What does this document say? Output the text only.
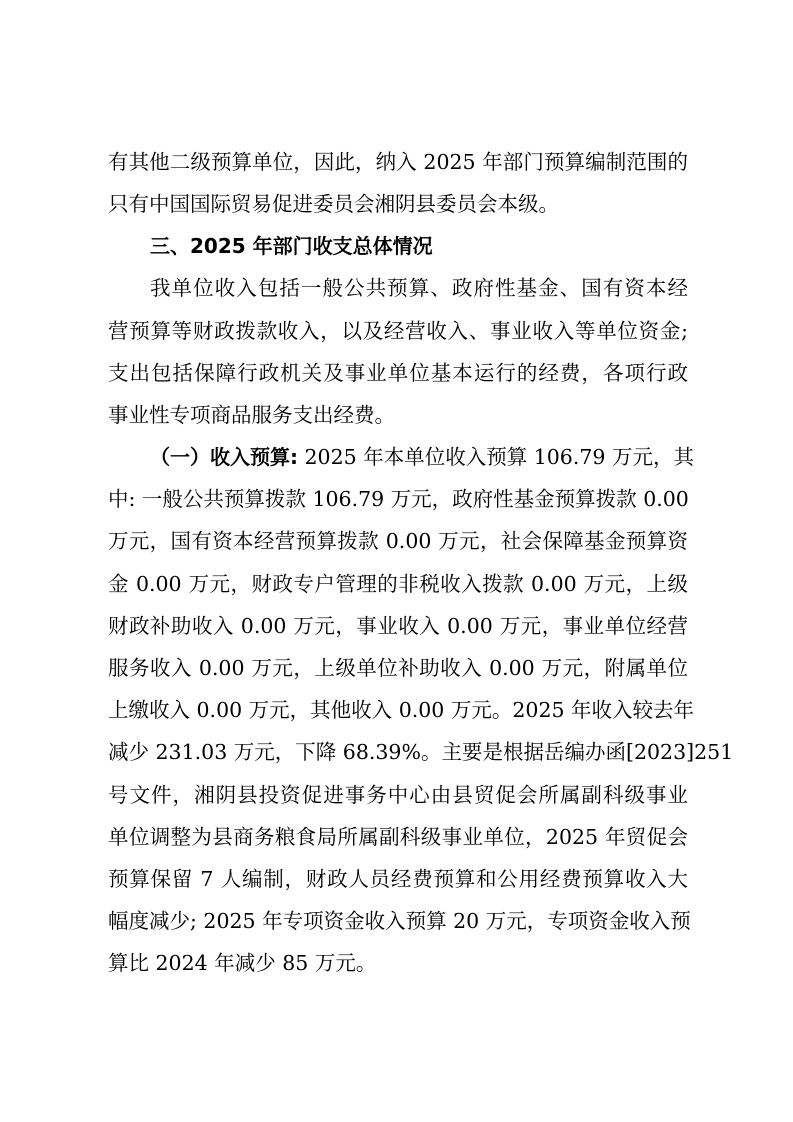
有其他二级预算单位，因此，纳入 2025 年部门预算编制范围的
只有中国国际贸易促进委员会湘阴县委员会本级。
三、2025 年部门收支总体情况
我单位收入包括一般公共预算、政府性基金、国有资本经
营预算等财政拨款收入，以及经营收入、事业收入等单位资金;
支出包括保障行政机关及事业单位基本运行的经费，各项行政
事业性专项商品服务支出经费。
（一）收入预算: 2025 年本单位收入预算 106.79 万元，其
中: 一般公共预算拨款 106.79 万元，政府性基金预算拨款 0.00
万元，国有资本经营预算拨款 0.00 万元，社会保障基金预算资
金 0.00 万元，财政专户管理的非税收入拨款 0.00 万元，上级
财政补助收入 0.00 万元，事业收入 0.00 万元，事业单位经营
服务收入 0.00 万元，上级单位补助收入 0.00 万元，附属单位
上缴收入 0.00 万元，其他收入 0.00 万元。2025 年收入较去年
减少 231.03 万元，下降 68.39%。主要是根据岳编办函[2023]251
号文件，湘阴县投资促进事务中心由县贸促会所属副科级事业
单位调整为县商务粮食局所属副科级事业单位，2025 年贸促会
预算保留 7 人编制，财政人员经费预算和公用经费预算收入大
幅度减少; 2025 年专项资金收入预算 20 万元，专项资金收入预
算比 2024 年减少 85 万元。
